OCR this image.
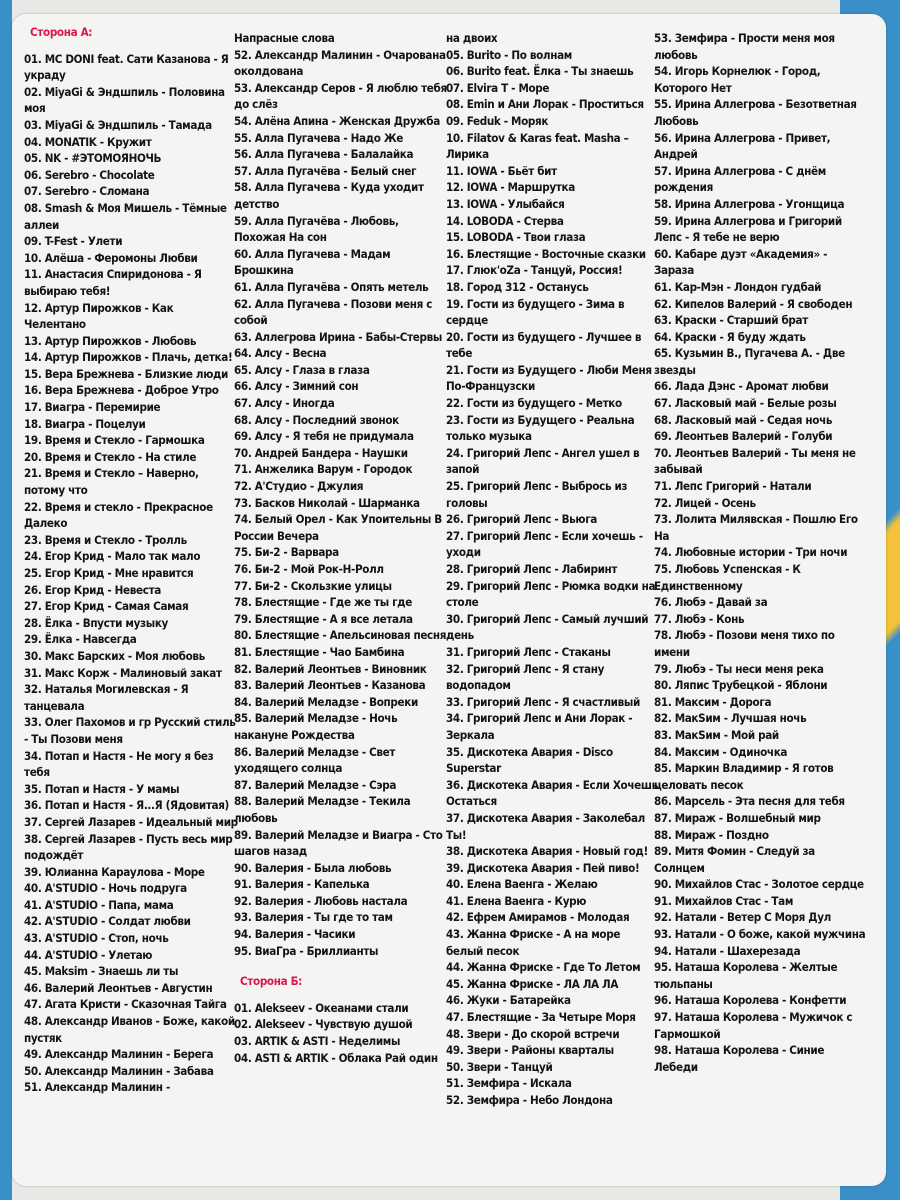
Сторона А:
01. MC DONI feat. Сати Казанова - Я украду
02. MiyaGi & Эндшпиль - Половина моя
03. MiyaGi & Эндшпиль - Тамада
04. MONATIK - Кружит
05. NK - #ЭТОМОЯНОЧЬ
06. Serebro - Chocolate
07. Serebro - Сломана
08. Smash & Моя Мишель - Тёмные аллеи
09. T-Fest - Улети
10. Алёша - Феромоны Любви
11. Анастасия Спиридонова - Я выбираю тебя!
12. Артур Пирожков - Как Челентано
13. Артур Пирожков - Любовь
14. Артур Пирожков - Плачь, детка!
15. Вера Брежнева - Близкие люди
16. Вера Брежнева - Доброе Утро
17. Виагра - Перемирие
18. Виагра - Поцелуи
19. Время и Стекло - Гармошка
20. Время и Стекло - На стиле
21. Время и Стекло – Наверно, потому что
22. Время и стекло - Прекрасное Далеко
23. Время и Стекло - Тролль
24. Егор Крид - Мало так мало
25. Егор Крид - Мне нравится
26. Егор Крид - Невеста
27. Егор Крид - Самая Самая
28. Ёлка - Впусти музыку
29. Ёлка - Навсегда
30. Макс Барских - Моя любовь
31. Макс Корж - Малиновый закат
32. Наталья Могилевская - Я танцевала
33. Олег Пахомов и гр Русский стиль - Ты Позови меня
34. Потап и Настя - Не могу я без тебя
35. Потап и Настя - У мамы
36. Потап и Настя - Я...Я (Ядовитая)
37. Сергей Лазарев - Идеальный мир
38. Сергей Лазарев - Пусть весь мир подождёт
39. Юлианна Караулова - Море
40. A'STUDIO - Ночь подруга
41. A'STUDIO - Папа, мама
42. A'STUDIO - Солдат любви
43. A'STUDIO - Стоп, ночь
44. A'STUDIO - Улетаю
45. Maksim - Знаешь ли ты
46. Валерий Леонтьев - Августин
47. Агата Кристи - Сказочная Тайга
48. Александр Иванов - Боже, какой пустяк
49. Александр Малинин - Берега
50. Александр Малинин - Забава
51. Александр Малинин -
Напрасные слова
52. Александр Малинин - Очарована околдована
53. Александр Серов - Я люблю тебя до слёз
54. Алёна Апина - Женская Дружба
55. Алла Пугачева - Надо Же
56. Алла Пугачева - Балалайка
57. Алла Пугачёва - Белый снег
58. Алла Пугачева - Куда уходит детство
59. Алла Пугачёва - Любовь, Похожая На сон
60. Алла Пугачева - Мадам Брошкина
61. Алла Пугачёва - Опять метель
62. Алла Пугачева - Позови меня с собой
63. Аллегрова Ирина - Бабы-Стервы
64. Алсу - Весна
65. Алсу - Глаза в глаза
66. Алсу - Зимний сон
67. Алсу - Иногда
68. Алсу - Последний звонок
69. Алсу - Я тебя не придумала
70. Андрей Бандера - Наушки
71. Анжелика Варум - Городок
72. А'Студио - Джулия
73. Басков Николай - Шарманка
74. Белый Орел - Как Упоительны В России Вечера
75. Би-2 - Варвара
76. Би-2 - Мой Рок-Н-Ролл
77. Би-2 - Скользкие улицы
78. Блестящие - Где же ты где
79. Блестящие - А я все летала
80. Блестящие - Апельсиновая песня
81. Блестящие - Чао Бамбина
82. Валерий Леонтьев - Виновник
83. Валерий Леонтьев - Казанова
84. Валерий Меладзе - Вопреки
85. Валерий Меладзе - Ночь накануне Рождества
86. Валерий Меладзе - Свет уходящего солнца
87. Валерий Меладзе - Сэра
88. Валерий Меладзе - Текила любовь
89. Валерий Меладзе и Виагра - Сто шагов назад
90. Валерия - Была любовь
91. Валерия - Капелька
92. Валерия - Любовь настала
93. Валерия - Ты где то там
94. Валерия - Часики
95. ВиаГра - Бриллианты
Сторона Б:
01. Alekseev - Океанами стали
02. Alekseev - Чувствую душой
03. ARTIK & ASTI - Неделимы
04. ASTI & ARTIK - Облака Рай один
на двоих
05. Burito - По волнам
06. Burito feat. Ёлка - Ты знаешь
07. Elvira T - Море
08. Emin и Ани Лорак - Проститься
09. Feduk - Моряк
10. Filatov & Karas feat. Masha – Лирика
11. IOWA - Бьёт бит
12. IOWA - Маршрутка
13. IOWA - Улыбайся
14. LOBODA - Стерва
15. LOBODA - Твои глаза
16. Блестящие - Восточные сказки
17. Глюк'oZa - Танцуй, Россия!
18. Город 312 - Останусь
19. Гости из будущего - Зима в сердце
20. Гости из будущего - Лучшее в тебе
21. Гости из Будущего - Люби Меня По-Французски
22. Гости из будущего - Метко
23. Гости из Будущего - Реальна только музыка
24. Григорий Лепс - Ангел ушел в запой
25. Григорий Лепс - Выбрось из головы
26. Григорий Лепс - Вьюга
27. Григорий Лепс - Если хочешь - уходи
28. Григорий Лепс - Лабиринт
29. Григорий Лепс - Рюмка водки на столе
30. Григорий Лепс - Самый лучший день
31. Григорий Лепс - Стаканы
32. Григорий Лепс - Я стану водопадом
33. Григорий Лепс - Я счастливый
34. Григорий Лепс и Ани Лорак - Зеркала
35. Дискотека Авария - Disco Superstar
36. Дискотека Авария - Если Хочешь Остаться
37. Дискотека Авария - Заколебал Ты!
38. Дискотека Авария - Новый год!
39. Дискотека Авария - Пей пиво!
40. Елена Ваенга - Желаю
41. Елена Ваенга - Курю
42. Ефрем Амирамов - Молодая
43. Жанна Фриске - А на море белый песок
44. Жанна Фриске - Где То Летом
45. Жанна Фриске - ЛА ЛА ЛА
46. Жуки - Батарейка
47. Блестящие - За Четыре Моря
48. Звери - До скорой встречи
49. Звери - Районы кварталы
50. Звери - Танцуй
51. Земфира - Искала
52. Земфира - Небо Лондона
53. Земфира - Прости меня моя любовь
54. Игорь Корнелюк - Город, Которого Нет
55. Ирина Аллегрова - Безответная Любовь
56. Ирина Аллегрова - Привет, Андрей
57. Ирина Аллегрова - С днём рождения
58. Ирина Аллегрова - Угонщица
59. Ирина Аллегрова и Григорий Лепс - Я тебе не верю
60. Кабаре дуэт «Академия» - Зараза
61. Кар-Мэн - Лондон гудбай
62. Кипелов Валерий - Я свободен
63. Краски - Старший брат
64. Краски - Я буду ждать
65. Кузьмин В., Пугачева А. - Две звезды
66. Лада Дэнс - Аромат любви
67. Ласковый май - Белые розы
68. Ласковый май - Седая ночь
69. Леонтьев Валерий - Голуби
70. Леонтьев Валерий - Ты меня не забывай
71. Лепс Григорий - Натали
72. Лицей - Осень
73. Лолита Милявская - Пошлю Его На
74. Любовные истории - Три ночи
75. Любовь Успенская - К Единственному
76. Любэ - Давай за
77. Любэ - Конь
78. Любэ - Позови меня тихо по имени
79. Любэ - Ты неси меня река
80. Ляпис Трубецкой - Яблони
81. Максим - Дорога
82. МакSим - Лучшая ночь
83. МакSим - Мой рай
84. Максим - Одиночка
85. Маркин Владимир - Я готов целовать песок
86. Марсель - Эта песня для тебя
87. Мираж - Волшебный мир
88. Мираж - Поздно
89. Митя Фомин - Следуй за Солнцем
90. Михайлов Стас - Золотое сердце
91. Михайлов Стас - Там
92. Натали - Ветер С Моря Дул
93. Натали - О боже, какой мужчина
94. Натали - Шахерезада
95. Наташа Королева - Желтые тюльпаны
96. Наташа Королева - Конфетти
97. Наташа Королева - Мужичок с Гармошкой
98. Наташа Королева - Синие Лебеди
